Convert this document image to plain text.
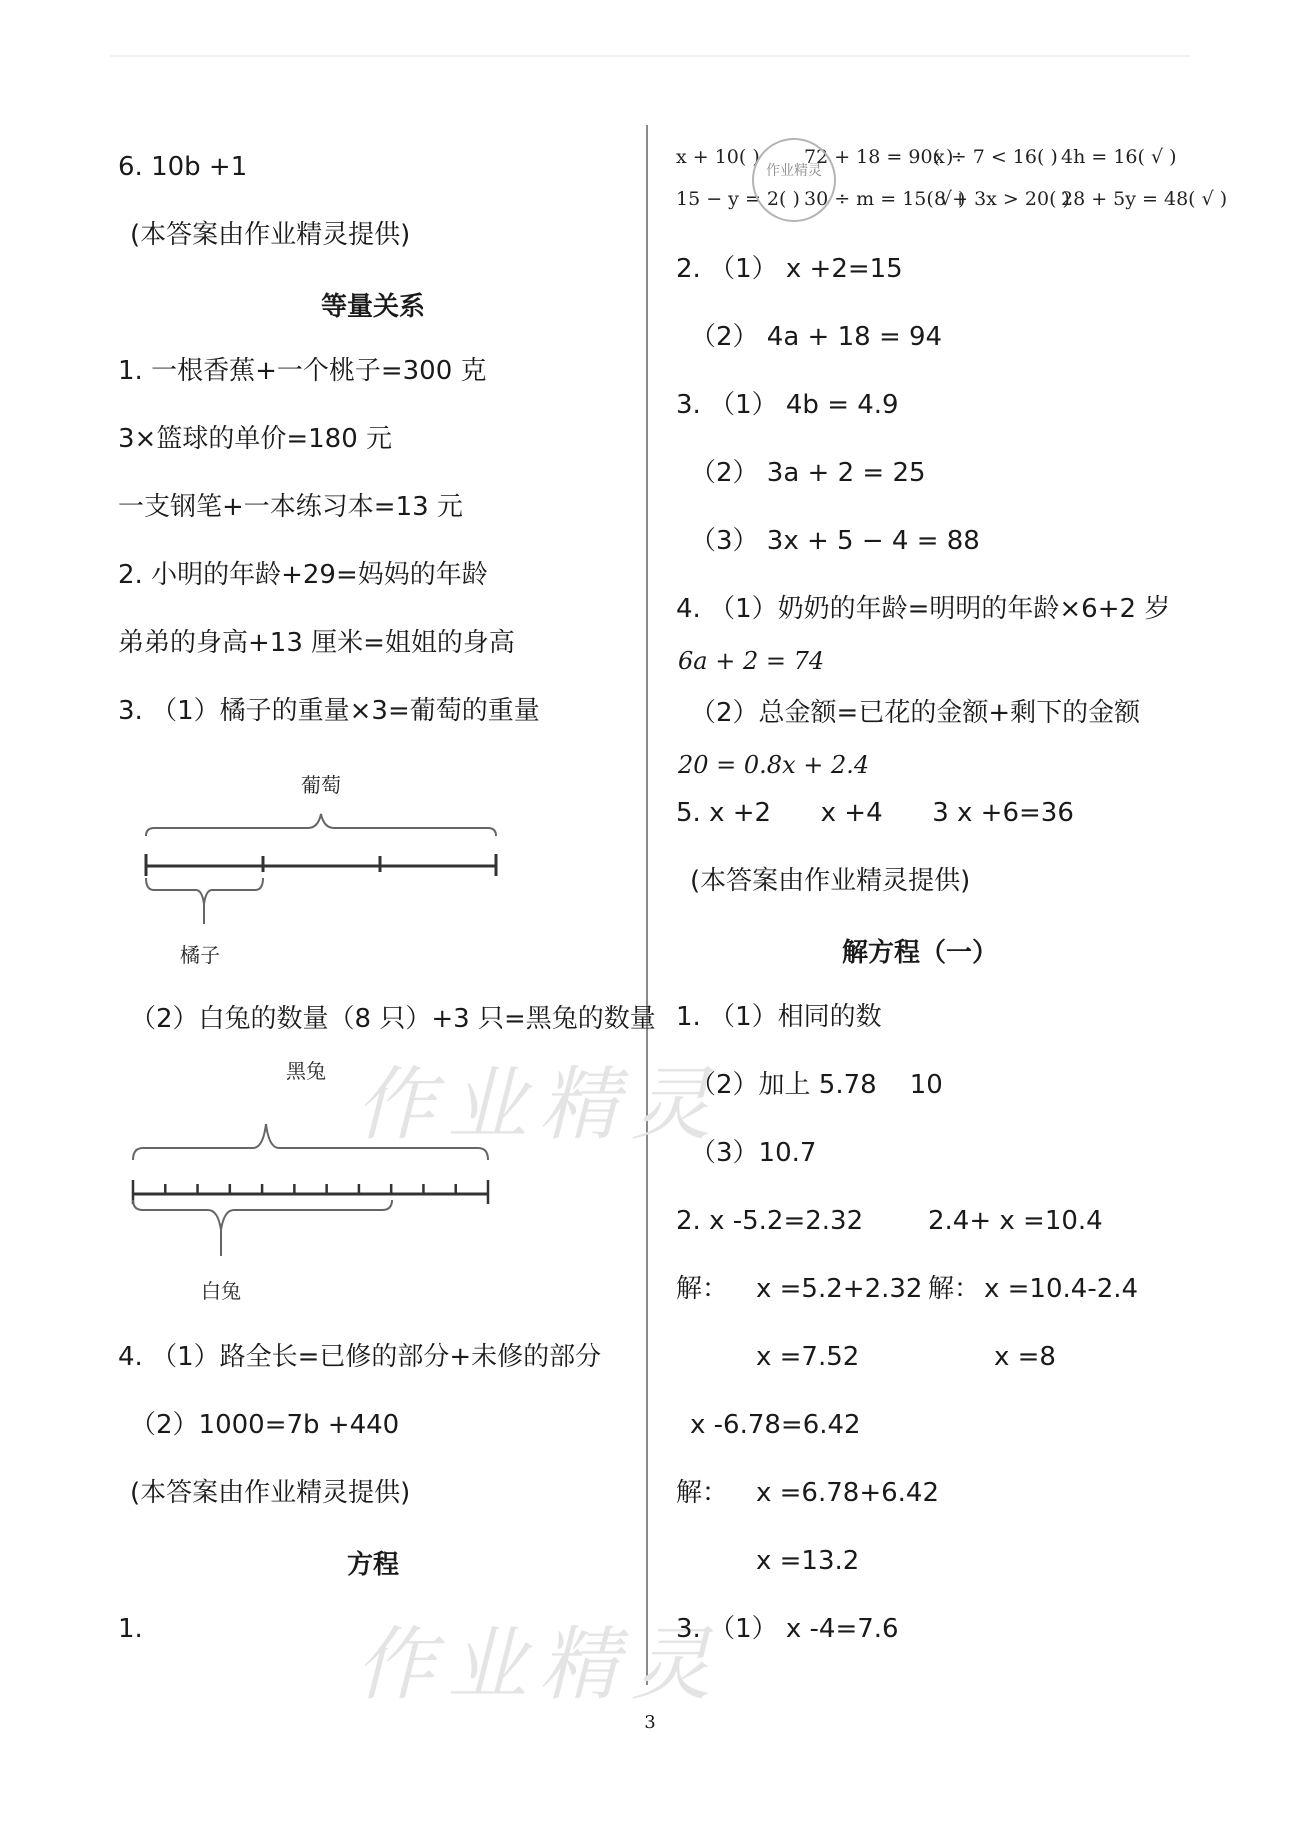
作业精灵
作业精灵
6. 10b +1
(本答案由作业精灵提供)
等量关系
1. 一根香蕉+一个桃子=300 克
3×篮球的单价=180 元
一支钢笔+一本练习本=13 元
2. 小明的年龄+29=妈妈的年龄
弟弟的身高+13 厘米=姐姐的身高
3. （1）橘子的重量×3=葡萄的重量
葡萄
橘子
（2）白兔的数量（8 只）+3 只=黑兔的数量
黑兔
白兔
4. （1）路全长=已修的部分+未修的部分
（2）1000=7b +440
(本答案由作业精灵提供)
方程
1.
x + 10( ) 72 + 18 = 90( )
x ÷ 7 < 16( ) 4h = 16( √ )
15 − y = 2( ) 30 ÷ m = 15( √ )
8 + 3x > 20( )
28 + 5y = 48( √ )
作业精灵
2. （1） x +2=15
（2） 4a + 18 = 94
3. （1） 4b = 4.9
（2） 3a + 2 = 25
（3） 3x + 5 − 4 = 88
4. （1）奶奶的年龄=明明的年龄×6+2 岁
6a + 2 = 74
（2）总金额=已花的金额+剩下的金额
20 = 0.8x + 2.4
5. x +2      x +4      3 x +6=36
(本答案由作业精灵提供)
解方程（一）
1. （1）相同的数
（2）加上 5.78    10
（3）10.7
2. x -5.2=2.32 2.4+ x =10.4
解： x =5.2+2.32 解： x =10.4-2.4
x =7.52	x =8
x -6.78=6.42
解： x =6.78+6.42
x =13.2
3. （1） x -4=7.6
3
